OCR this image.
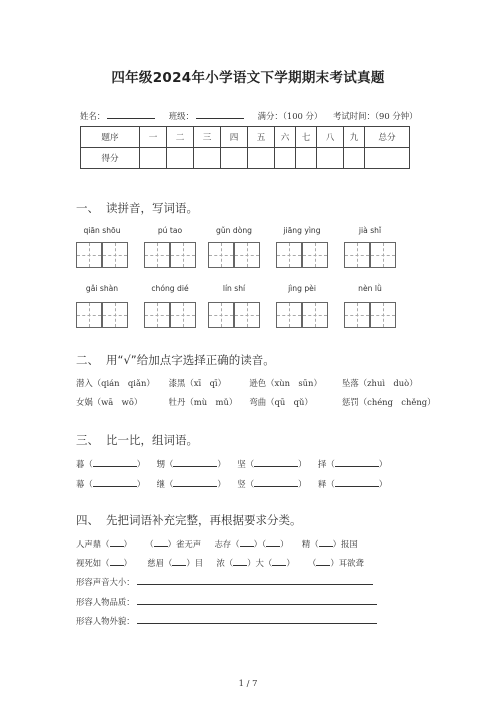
四年级2024年小学语文下学期期末考试真题
姓名：	班级：	满分：（100 分） 考试时间：（90 分钟）
题序	一	二	三	四	五	六	七	八	九	总分
得分										
一、 读拼音，写词语。
qiān shōu	pú tao	gǔn dòng	jiāng yìng	jià shǐ
gǎi shàn	chóng dié	lín shí	jìng pèi	nèn lǜ
二、 用“√”给加点字选择正确的读音。
潜入（qián　qiǎn） 漆黑（xī　qī）	逊色（xùn　sūn） 坠落（zhuì　duò）
女娲（wā　wō）	牡丹（mù　mǔ） 弯曲（qū　qǔ）	惩罚（chéng　chěng）
三、 比一比，组词语。
暮（	） 甥（	） 坚（	） 择（	）
幕（	） 继（	） 竖（	） 释（	）
四、 先把词语补充完整，再根据要求分类。
人声鼎（ ） （ ）雀无声 志存（ ）（ ） 精（ ）报国
视死如（ ） 慈眉（ ）目 浓（ ）大（ ） （ ）耳欲聋
形容声音大小：
形容人物品质：
形容人物外貌：
1 / 7
